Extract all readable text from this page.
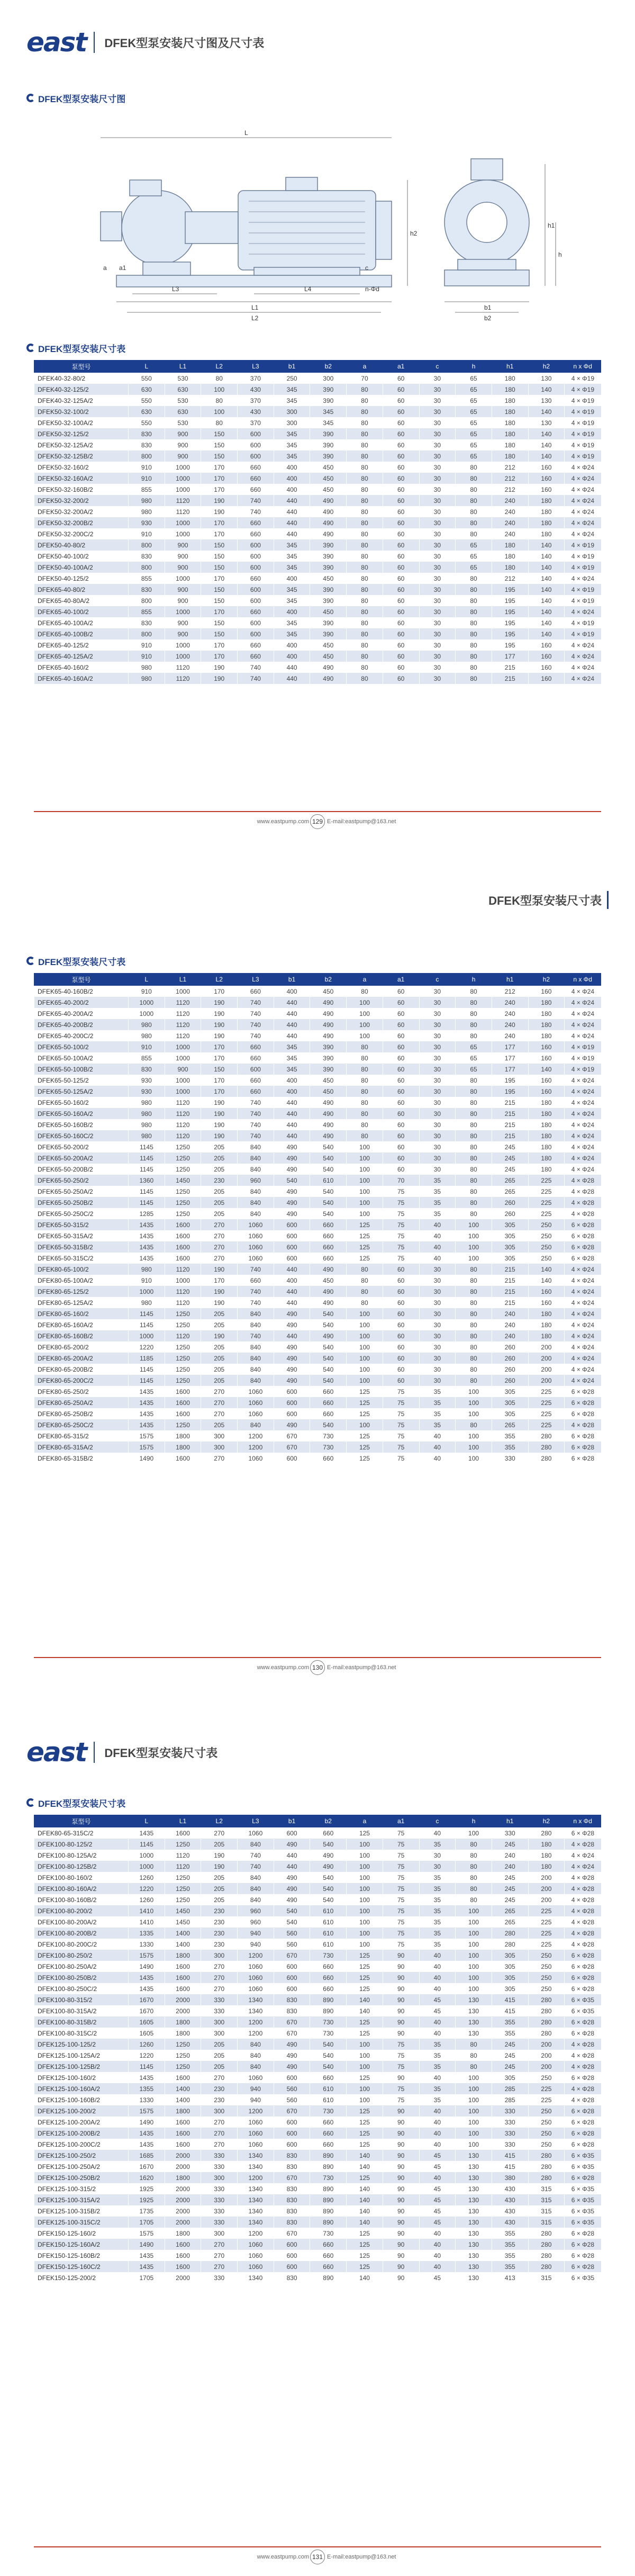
east DFEK型泵安装尺寸图及尺寸表
DFEK型泵安装尺寸图
L
L1
L2
L3	L4
b1
b2
h
h1
h2
a a1	c
n-Φd
DFEK型泵安装尺寸表
泵型号	L	L1	L2	L3	b1	b2	a	a1	c	h	h1	h2	n x Φd
DFEK40-32-80/2	550	530	80	370	250	300	70	60	30	65	180	130	4 × Φ19
DFEK40-32-125/2	630	630	100	430	345	390	80	60	30	65	180	140	4 × Φ19
DFEK40-32-125A/2	550	530	80	370	345	390	80	60	30	65	180	130	4 × Φ19
DFEK50-32-100/2	630	630	100	430	300	345	80	60	30	65	180	140	4 × Φ19
DFEK50-32-100A/2	550	530	80	370	300	345	80	60	30	65	180	130	4 × Φ19
DFEK50-32-125/2	830	900	150	600	345	390	80	60	30	65	180	140	4 × Φ19
DFEK50-32-125A/2	830	900	150	600	345	390	80	60	30	65	180	140	4 × Φ19
DFEK50-32-125B/2	800	900	150	600	345	390	80	60	30	65	180	140	4 × Φ19
DFEK50-32-160/2	910	1000	170	660	400	450	80	60	30	80	212	160	4 × Φ24
DFEK50-32-160A/2	910	1000	170	660	400	450	80	60	30	80	212	160	4 × Φ24
DFEK50-32-160B/2	855	1000	170	660	400	450	80	60	30	80	212	160	4 × Φ24
DFEK50-32-200/2	980	1120	190	740	440	490	80	60	30	80	240	180	4 × Φ24
DFEK50-32-200A/2	980	1120	190	740	440	490	80	60	30	80	240	180	4 × Φ24
DFEK50-32-200B/2	930	1000	170	660	440	490	80	60	30	80	240	180	4 × Φ24
DFEK50-32-200C/2	910	1000	170	660	440	490	80	60	30	80	240	180	4 × Φ24
DFEK50-40-80/2	800	900	150	600	345	390	80	60	30	65	180	140	4 × Φ19
DFEK50-40-100/2	830	900	150	600	345	390	80	60	30	65	180	140	4 × Φ19
DFEK50-40-100A/2	800	900	150	600	345	390	80	60	30	65	180	140	4 × Φ19
DFEK50-40-125/2	855	1000	170	660	400	450	80	60	30	80	212	140	4 × Φ24
DFEK65-40-80/2	830	900	150	600	345	390	80	60	30	80	195	140	4 × Φ19
DFEK65-40-80A/2	800	900	150	600	345	390	80	60	30	80	195	140	4 × Φ19
DFEK65-40-100/2	855	1000	170	660	400	450	80	60	30	80	195	140	4 × Φ24
DFEK65-40-100A/2	830	900	150	600	345	390	80	60	30	80	195	140	4 × Φ19
DFEK65-40-100B/2	800	900	150	600	345	390	80	60	30	80	195	140	4 × Φ19
DFEK65-40-125/2	910	1000	170	660	400	450	80	60	30	80	195	160	4 × Φ24
DFEK65-40-125A/2	910	1000	170	660	400	450	80	60	30	80	177	160	4 × Φ24
DFEK65-40-160/2	980	1120	190	740	440	490	80	60	30	80	215	160	4 × Φ24
DFEK65-40-160A/2	980	1120	190	740	440	490	80	60	30	80	215	160	4 × Φ24
www.eastpump.com 129 E-mail:eastpump@163.net
DFEK型泵安装尺寸表
DFEK型泵安装尺寸表
泵型号	L	L1	L2	L3	b1	b2	a	a1	c	h	h1	h2	n x Φd
DFEK65-40-160B/2	910	1000	170	660	400	450	80	60	30	80	212	160	4 × Φ24
DFEK65-40-200/2	1000	1120	190	740	440	490	100	60	30	80	240	180	4 × Φ24
DFEK65-40-200A/2	1000	1120	190	740	440	490	100	60	30	80	240	180	4 × Φ24
DFEK65-40-200B/2	980	1120	190	740	440	490	100	60	30	80	240	180	4 × Φ24
DFEK65-40-200C/2	980	1120	190	740	440	490	100	60	30	80	240	180	4 × Φ24
DFEK65-50-100/2	910	1000	170	660	345	390	80	60	30	65	177	160	4 × Φ19
DFEK65-50-100A/2	855	1000	170	660	345	390	80	60	30	65	177	160	4 × Φ19
DFEK65-50-100B/2	830	900	150	600	345	390	80	60	30	65	177	140	4 × Φ19
DFEK65-50-125/2	930	1000	170	660	400	450	80	60	30	80	195	160	4 × Φ24
DFEK65-50-125A/2	930	1000	170	660	400	450	80	60	30	80	195	160	4 × Φ24
DFEK65-50-160/2	980	1120	190	740	440	490	80	60	30	80	215	180	4 × Φ24
DFEK65-50-160A/2	980	1120	190	740	440	490	80	60	30	80	215	180	4 × Φ24
DFEK65-50-160B/2	980	1120	190	740	440	490	80	60	30	80	215	180	4 × Φ24
DFEK65-50-160C/2	980	1120	190	740	440	490	80	60	30	80	215	180	4 × Φ24
DFEK65-50-200/2	1145	1250	205	840	490	540	100	60	30	80	245	180	4 × Φ24
DFEK65-50-200A/2	1145	1250	205	840	490	540	100	60	30	80	245	180	4 × Φ24
DFEK65-50-200B/2	1145	1250	205	840	490	540	100	60	30	80	245	180	4 × Φ24
DFEK65-50-250/2	1360	1450	230	960	540	610	100	70	35	80	265	225	4 × Φ28
DFEK65-50-250A/2	1145	1250	205	840	490	540	100	75	35	80	265	225	4 × Φ28
DFEK65-50-250B/2	1145	1250	205	840	490	540	100	75	35	80	260	225	4 × Φ28
DFEK65-50-250C/2	1285	1250	205	840	490	540	100	75	35	80	260	225	4 × Φ28
DFEK65-50-315/2	1435	1600	270	1060	600	660	125	75	40	100	305	250	6 × Φ28
DFEK65-50-315A/2	1435	1600	270	1060	600	660	125	75	40	100	305	250	6 × Φ28
DFEK65-50-315B/2	1435	1600	270	1060	600	660	125	75	40	100	305	250	6 × Φ28
DFEK65-50-315C/2	1435	1600	270	1060	600	660	125	75	40	100	305	250	6 × Φ28
DFEK80-65-100/2	980	1120	190	740	440	490	80	60	30	80	215	140	4 × Φ24
DFEK80-65-100A/2	910	1000	170	660	400	450	80	60	30	80	215	140	4 × Φ24
DFEK80-65-125/2	1000	1120	190	740	440	490	80	60	30	80	215	160	4 × Φ24
DFEK80-65-125A/2	980	1120	190	740	440	490	80	60	30	80	215	160	4 × Φ24
DFEK80-65-160/2	1145	1250	205	840	490	540	100	60	30	80	240	180	4 × Φ24
DFEK80-65-160A/2	1145	1250	205	840	490	540	100	60	30	80	240	180	4 × Φ24
DFEK80-65-160B/2	1000	1120	190	740	440	490	100	60	30	80	240	180	4 × Φ24
DFEK80-65-200/2	1220	1250	205	840	490	540	100	60	30	80	260	200	4 × Φ24
DFEK80-65-200A/2	1185	1250	205	840	490	540	100	60	30	80	260	200	4 × Φ24
DFEK80-65-200B/2	1145	1250	205	840	490	540	100	60	30	80	260	200	4 × Φ24
DFEK80-65-200C/2	1145	1250	205	840	490	540	100	60	30	80	260	200	4 × Φ24
DFEK80-65-250/2	1435	1600	270	1060	600	660	125	75	35	100	305	225	6 × Φ28
DFEK80-65-250A/2	1435	1600	270	1060	600	660	125	75	35	100	305	225	6 × Φ28
DFEK80-65-250B/2	1435	1600	270	1060	600	660	125	75	35	100	305	225	6 × Φ28
DFEK80-65-250C/2	1435	1250	205	840	490	540	100	75	35	80	265	225	4 × Φ28
DFEK80-65-315/2	1575	1800	300	1200	670	730	125	75	40	100	355	280	6 × Φ28
DFEK80-65-315A/2	1575	1800	300	1200	670	730	125	75	40	100	355	280	6 × Φ28
DFEK80-65-315B/2	1490	1600	270	1060	600	660	125	75	40	100	330	280	6 × Φ28
www.eastpump.com 130 E-mail:eastpump@163.net
east DFEK型泵安装尺寸表
DFEK型泵安装尺寸表
泵型号	L	L1	L2	L3	b1	b2	a	a1	c	h	h1	h2	n x Φd
DFEK80-65-315C/2	1435	1600	270	1060	600	660	125	75	40	100	330	280	6 × Φ28
DFEK100-80-125/2	1145	1250	205	840	490	540	100	75	35	80	245	180	4 × Φ28
DFEK100-80-125A/2	1000	1120	190	740	440	490	100	75	30	80	240	180	4 × Φ24
DFEK100-80-125B/2	1000	1120	190	740	440	490	100	75	30	80	240	180	4 × Φ24
DFEK100-80-160/2	1260	1250	205	840	490	540	100	75	35	80	245	200	4 × Φ28
DFEK100-80-160A/2	1220	1250	205	840	490	540	100	75	35	80	245	200	4 × Φ28
DFEK100-80-160B/2	1260	1250	205	840	490	540	100	75	35	80	245	200	4 × Φ28
DFEK100-80-200/2	1410	1450	230	960	540	610	100	75	35	100	265	225	4 × Φ28
DFEK100-80-200A/2	1410	1450	230	960	540	610	100	75	35	100	265	225	4 × Φ28
DFEK100-80-200B/2	1335	1400	230	940	560	610	100	75	35	100	280	225	4 × Φ28
DFEK100-80-200C/2	1330	1400	230	940	560	610	100	75	35	100	280	225	4 × Φ28
DFEK100-80-250/2	1575	1800	300	1200	670	730	125	90	40	100	305	250	6 × Φ28
DFEK100-80-250A/2	1490	1600	270	1060	600	660	125	90	40	100	305	250	6 × Φ28
DFEK100-80-250B/2	1435	1600	270	1060	600	660	125	90	40	100	305	250	6 × Φ28
DFEK100-80-250C/2	1435	1600	270	1060	600	660	125	90	40	100	305	250	6 × Φ28
DFEK100-80-315/2	1670	2000	330	1340	830	890	140	90	45	130	415	280	6 × Φ35
DFEK100-80-315A/2	1670	2000	330	1340	830	890	140	90	45	130	415	280	6 × Φ35
DFEK100-80-315B/2	1605	1800	300	1200	670	730	125	90	40	130	355	280	6 × Φ28
DFEK100-80-315C/2	1605	1800	300	1200	670	730	125	90	40	130	355	280	6 × Φ28
DFEK125-100-125/2	1260	1250	205	840	490	540	100	75	35	80	245	200	4 × Φ28
DFEK125-100-125A/2	1220	1250	205	840	490	540	100	75	35	80	245	200	4 × Φ28
DFEK125-100-125B/2	1145	1250	205	840	490	540	100	75	35	80	245	200	4 × Φ28
DFEK125-100-160/2	1435	1600	270	1060	600	660	125	90	40	100	305	250	6 × Φ28
DFEK125-100-160A/2	1355	1400	230	940	560	610	100	75	35	100	285	225	4 × Φ28
DFEK125-100-160B/2	1330	1400	230	940	560	610	100	75	35	100	285	225	4 × Φ28
DFEK125-100-200/2	1575	1800	300	1200	670	730	125	90	40	100	330	250	6 × Φ28
DFEK125-100-200A/2	1490	1600	270	1060	600	660	125	90	40	100	330	250	6 × Φ28
DFEK125-100-200B/2	1435	1600	270	1060	600	660	125	90	40	100	330	250	6 × Φ28
DFEK125-100-200C/2	1435	1600	270	1060	600	660	125	90	40	100	330	250	6 × Φ28
DFEK125-100-250/2	1685	2000	330	1340	830	890	140	90	45	130	415	280	6 × Φ35
DFEK125-100-250A/2	1670	2000	330	1340	830	890	140	90	45	130	415	280	6 × Φ35
DFEK125-100-250B/2	1620	1800	300	1200	670	730	125	90	40	130	380	280	6 × Φ28
DFEK125-100-315/2	1925	2000	330	1340	830	890	140	90	45	130	430	315	6 × Φ35
DFEK125-100-315A/2	1925	2000	330	1340	830	890	140	90	45	130	430	315	6 × Φ35
DFEK125-100-315B/2	1735	2000	330	1340	830	890	140	90	45	130	430	315	6 × Φ35
DFEK125-100-315C/2	1705	2000	330	1340	830	890	140	90	45	130	430	315	6 × Φ35
DFEK150-125-160/2	1575	1800	300	1200	670	730	125	90	40	130	355	280	6 × Φ28
DFEK150-125-160A/2	1490	1600	270	1060	600	660	125	90	40	130	355	280	6 × Φ28
DFEK150-125-160B/2	1435	1600	270	1060	600	660	125	90	40	130	355	280	6 × Φ28
DFEK150-125-160C/2	1435	1600	270	1060	600	660	125	90	40	130	355	280	6 × Φ28
DFEK150-125-200/2	1705	2000	330	1340	830	890	140	90	45	130	413	315	6 × Φ35
www.eastpump.com 131 E-mail:eastpump@163.net
